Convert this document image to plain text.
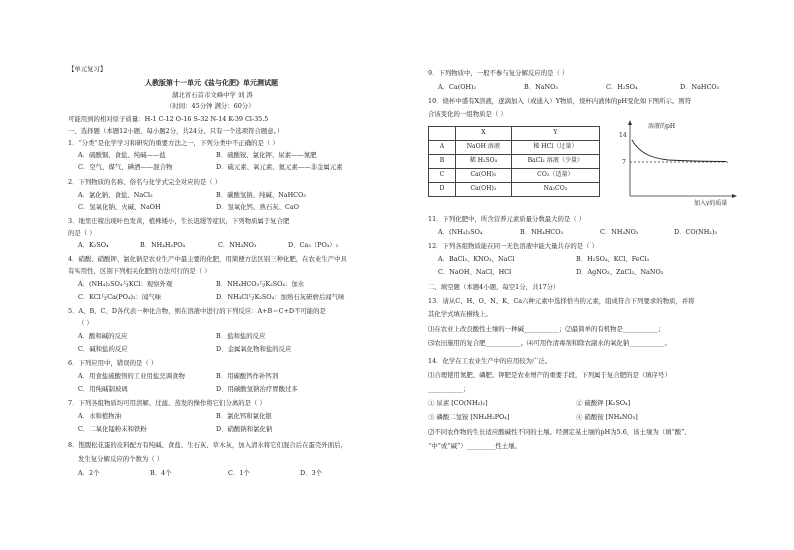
【单元复习】
人教版第十一单元《盐与化肥》单元测试题
湖北省石首市文峰中学 刘 涛
（时间：45分钟 满分：60分）
可能用到的相对原子质量：H-1 C-12 O-16 S-32 N-14 K-39 Cl-35.5
一、选择题（本题12小题，每小题2分，共24分。只有一个选项符合题意。）
1．“分类”是化学学习和研究的重要方法之一，下列分类中不正确的是（ ）
A．硫酸铜、食盐、纯碱——盐	B．硫酸铵、氯化钾、尿素——氮肥
C．空气、煤气、碘酒——混合物	D．硫元素、氧元素、氦元素——非金属元素
2．下列物质的名称、俗名与化学式完全对应的是（ ）
A．氯化钠、食盐、NaCl₂	B．碳酸氢钠、纯碱、NaHCO₃
C．氢氧化钠、火碱、NaOH	D．氢氧化钙、熟石灰、CaO
3．地里庄稼出现叶色发黄，植株矮小，生长迟缓等症状，下列物质属于复合肥
的是（ ）
A．K₂SO₄	B．NH₄H₂PO₄	C．NH₄NO₃	D．Ca₃（PO₄）₂
4．硝酸、硝酸钾、氯化钠是农业生产中最主要的化肥，用简便方法区别三种化肥，在农业生产中具
有实用性，区别下列相关化肥的方法可行的是（ ）
A．(NH₄)₂SO₄与KCl：观察外观	B．NH₄HCO₃与K₂SO₄：加水
C．KCl与Ca(PO₄)₂：闻气味	D．NH₄Cl与K₂SO₄：加熟石灰研磨后闻气味
5．A、B、C、D各代表一种化合物，则在溶液中进行的下列反应：A+B＝C+D不可能的是
（ ）
A．酸和碱的反应	B．盐和盐的反应
C．碱和盐的反应	D．金属氧化物和盐的反应
6．下列应用中，错误的是（ ）
A．用食盐硫酸钡的工业用盐烹调食物	B．用碳酸钙作补钙剂
C．用纯碱制玻璃	D．用碳酸氢钠治疗胃酸过多
7．下列各组物质均可用溶解、过滤、蒸发的操作将它们分离的是（ ）
A．水和植物油	B．氯化钙和氯化银
C．二氧化锰粉末和铁粉	D．硝酸钠和氯化钠
8．饱腹松花蛋的皮料配方有纯碱、食盐、生石灰、草木灰，加入清水将它们混合后在蛋壳外面后，
发生复分解反应的个数为（ ）
A．2个	B．4个	C．1个	D．3个
9．下列物质中，一般不参与复分解反应的是（ ）
A．Ca(OH)₂	B．NaNO₃	C．H₂SO₄	D．NaHCO₃
10．烧杯中盛有X溶液，逐滴加入（或通入）Y物质，烧杯内液体的pH变化如下图所示。则符
合该变化的一组物质是（ ）
	X	Y
A	NaOH 溶液	稀 HCl（过量）
B	稀 H₂SO₄	BaCl₂ 溶液（少量）
C	Ca(OH)₂	CO₂（适量）
D	Ca(OH)₂	Na₂CO₃
14
7
溶液的pH
加入y的质量
11．下列化肥中，所含营养元素质量分数最大的是（ ）
A．(NH₄)₂SO₄	B．NH₄HCO₃	C．NH₄NO₃	D．CO(NH₂)₂
12．下列各组物质能在同一无色溶液中能大量共存的是（ ）
A．BaCl₂、KNO₃、NaCl	B．H₂SO₄、KCl、FeCl₃
C．NaOH、NaCl、HCl	D．AgNO₃、ZnCl₂、NaNO₃
二、填空题（本题4小题，每空1分，共17分）
13．请从C、H、O、N、K、Ca六种元素中选择恰当的元素，组成符合下列要求的物质，并将
其化学式填在横线上。
⑴在农业上改良酸性土壤的一种碱___________；⑵最简单的有机物是___________；
⑶农田施用的复合肥___________。⑷可用作清毒剂和除农副水的氧化钠___________。
14．化学在工农业生产中的应用较为广泛。
⑴合理使用氮肥、磷肥、钾肥是农业增产的重要手段，下列属于复合肥的是（填序号）
___________；
① 尿素 [CO(NH₂)₂]	② 硫酸钾 [K₂SO₄]
③ 磷酸二氢铵 [NH₄H₂PO₄]	④ 硝酸铵 [NH₄NO₃]
⑵不同农作物的生长适应酸碱性不同的土壤。经测定某土壤的pH为5.6，该土壤为（填“酸”、
“中”或“碱”）_________性土壤。
